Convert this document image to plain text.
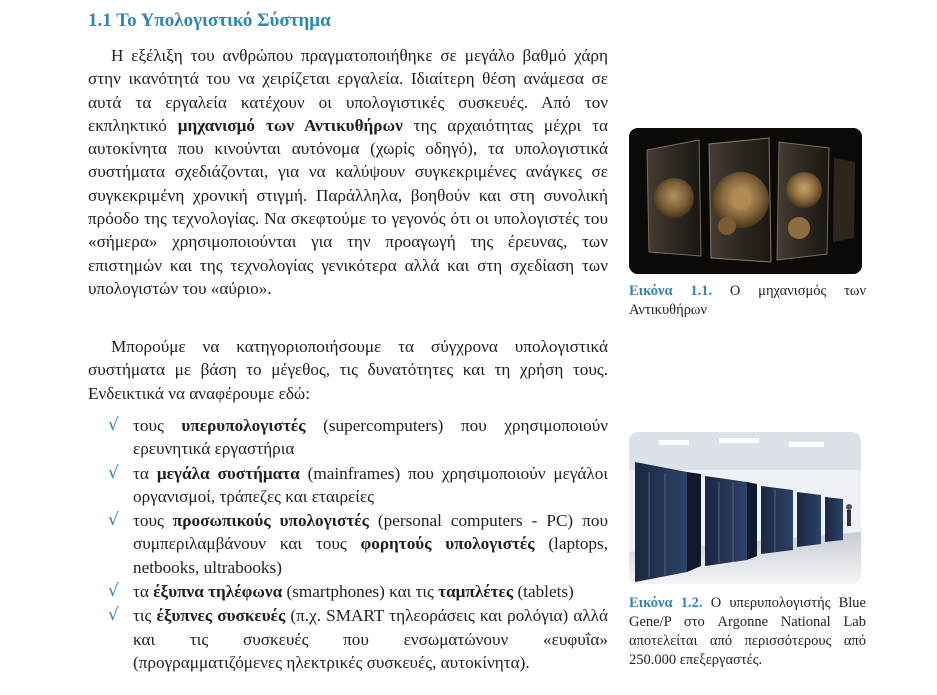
1.1 Το Υπολογιστικό Σύστημα
Η εξέλιξη του ανθρώπου πραγματοποιήθηκε σε μεγάλο βαθμό χάρη στην ικανότητά του να χειρίζεται εργαλεία. Ιδιαίτερη θέση ανάμεσα σε αυτά τα εργαλεία κατέχουν οι υπολογιστικές συσκευές. Από τον εκπληκτικό μηχανισμό των Αντικυθήρων της αρχαιότητας μέχρι τα αυτοκίνητα που κινούνται αυτόνομα (χωρίς οδηγό), τα υπολογιστικά συστήματα σχεδιάζονται, για να καλύψουν συγκεκριμένες ανάγκες σε συγκεκριμένη χρονική στιγμή. Παράλληλα, βοηθούν και στη συνολική πρόοδο της τεχνολογίας. Να σκεφτούμε το γεγονός ότι οι υπολογιστές του «σήμερα» χρησιμοποιούνται για την προαγωγή της έρευνας, των επιστημών και της τεχνολογίας γενικότερα αλλά και στη σχεδίαση των υπολογιστών του «αύριο».
Μπορούμε να κατηγοριοποιήσουμε τα σύγχρονα υπολογιστικά συστήματα με βάση το μέγεθος, τις δυνατότητες και τη χρήση τους. Ενδεικτικά να αναφέρουμε εδώ:
√ τους υπερυπολογιστές (supercomputers) που χρησιμοποιούν ερευνητικά εργαστήρια
√ τα μεγάλα συστήματα (mainframes) που χρησιμοποιούν μεγάλοι οργανισμοί, τράπεζες και εταιρείες
√ τους προσωπικούς υπολογιστές (personal computers - PC) που συμπεριλαμβάνουν και τους φορητούς υπολογιστές (laptops, netbooks, ultrabooks)
√ τα έξυπνα τηλέφωνα (smartphones) και τις ταμπλέτες (tablets)
√ τις έξυπνες συσκευές (π.χ. SMART τηλεοράσεις και ρολόγια) αλλά και τις συσκευές που ενσωματώνουν «ευφυΐα» (προγραμματιζόμενες ηλεκτρικές συσκευές, αυτοκίνητα).
Εικόνα 1.1. Ο μηχανισμός των Αντικυθήρων
Εικόνα 1.2. Ο υπερυπολογιστής Blue Gene/P στο Argonne National Lab αποτελείται από περισσότερους από 250.000 επεξεργαστές.
